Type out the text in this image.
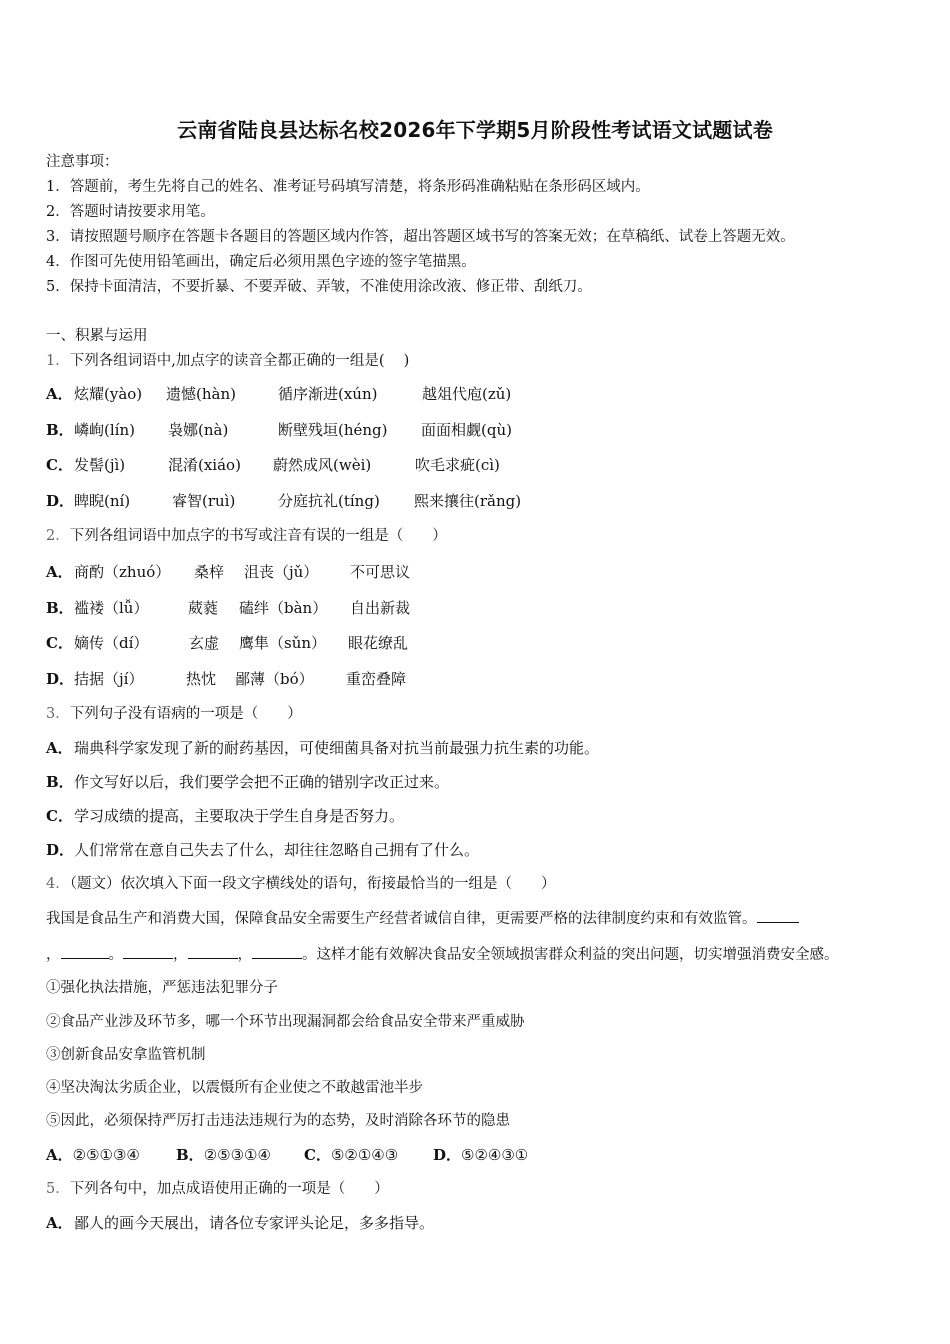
云南省陆良县达标名校2026年下学期5月阶段性考试语文试题试卷
注意事项：
1．答题前，考生先将自己的姓名、准考证号码填写清楚，将条形码准确粘贴在条形码区域内。
2．答题时请按要求用笔。
3．请按照题号顺序在答题卡各题目的答题区域内作答，超出答题区域书写的答案无效；在草稿纸、试卷上答题无效。
4．作图可先使用铅笔画出，确定后必须用黑色字迹的签字笔描黑。
5．保持卡面清洁，不要折暴、不要弄破、弄皱，不准使用涂改液、修正带、刮纸刀。
一、积累与运用
1．下列各组词语中,加点字的读音全都正确的一组是(　 )
A． 炫耀(yào) 遗憾(hàn)	循序渐进(xún)	越俎代庖(zǔ)
B． 嶙峋(lín) 袅娜(nà)	断壁残垣(héng) 面面相觑(qù)
C． 发髻(jì)	混淆(xiáo) 蔚然成风(wèi)	吹毛求疵(cì)
D． 睥睨(ní)	睿智(ruì)	分庭抗礼(tíng) 熙来攘往(rǎng)
2．下列各组词语中加点字的书写或注音有误的一组是（　　）
A． 商酌（zhuó） 桑梓 沮丧（jǔ） 不可思议
B． 褴褛（lǚ）	葳蕤 磕绊（bàn） 自出新裁
C． 嫡传（dí）	玄虚 鹰隼（sǔn） 眼花缭乱
D． 拮据（jí）	热忱 鄙薄（bó） 重峦叠障
3．下列句子没有语病的一项是（　　）
A．瑞典科学家发现了新的耐药基因，可使细菌具备对抗当前最强力抗生素的功能。
B．作文写好以后，我们要学会把不正确的错别字改正过来。
C．学习成绩的提高，主要取决于学生自身是否努力。
D．人们常常在意自己失去了什么，却往往忽略自己拥有了什么。
4．（题文）依次填入下面一段文字横线处的语句，衔接最恰当的一组是（　　）
我国是食品生产和消费大国，保障食品安全需要生产经营者诚信自律，更需要严格的法律制度约束和有效监管。
，	。	，	，	。这样才能有效解决食品安全领域损害群众利益的突出问题，切实增强消费安全感。
①强化执法措施，严惩违法犯罪分子
②食品产业涉及环节多，哪一个环节出现漏洞都会给食品安全带来严重威胁
③创新食品安拿监管机制
④坚决淘汰劣质企业，以震慑所有企业使之不敢越雷池半步
⑤因此，必须保持严厉打击违法违规行为的态势，及时消除各环节的隐患
A．②⑤①③④ B．②⑤③①④ C．⑤②①④③ D．⑤②④③①
5．下列各句中，加点成语使用正确的一项是（　　）
A．鄙人的画今天展出，请各位专家评头论足，多多指导。
